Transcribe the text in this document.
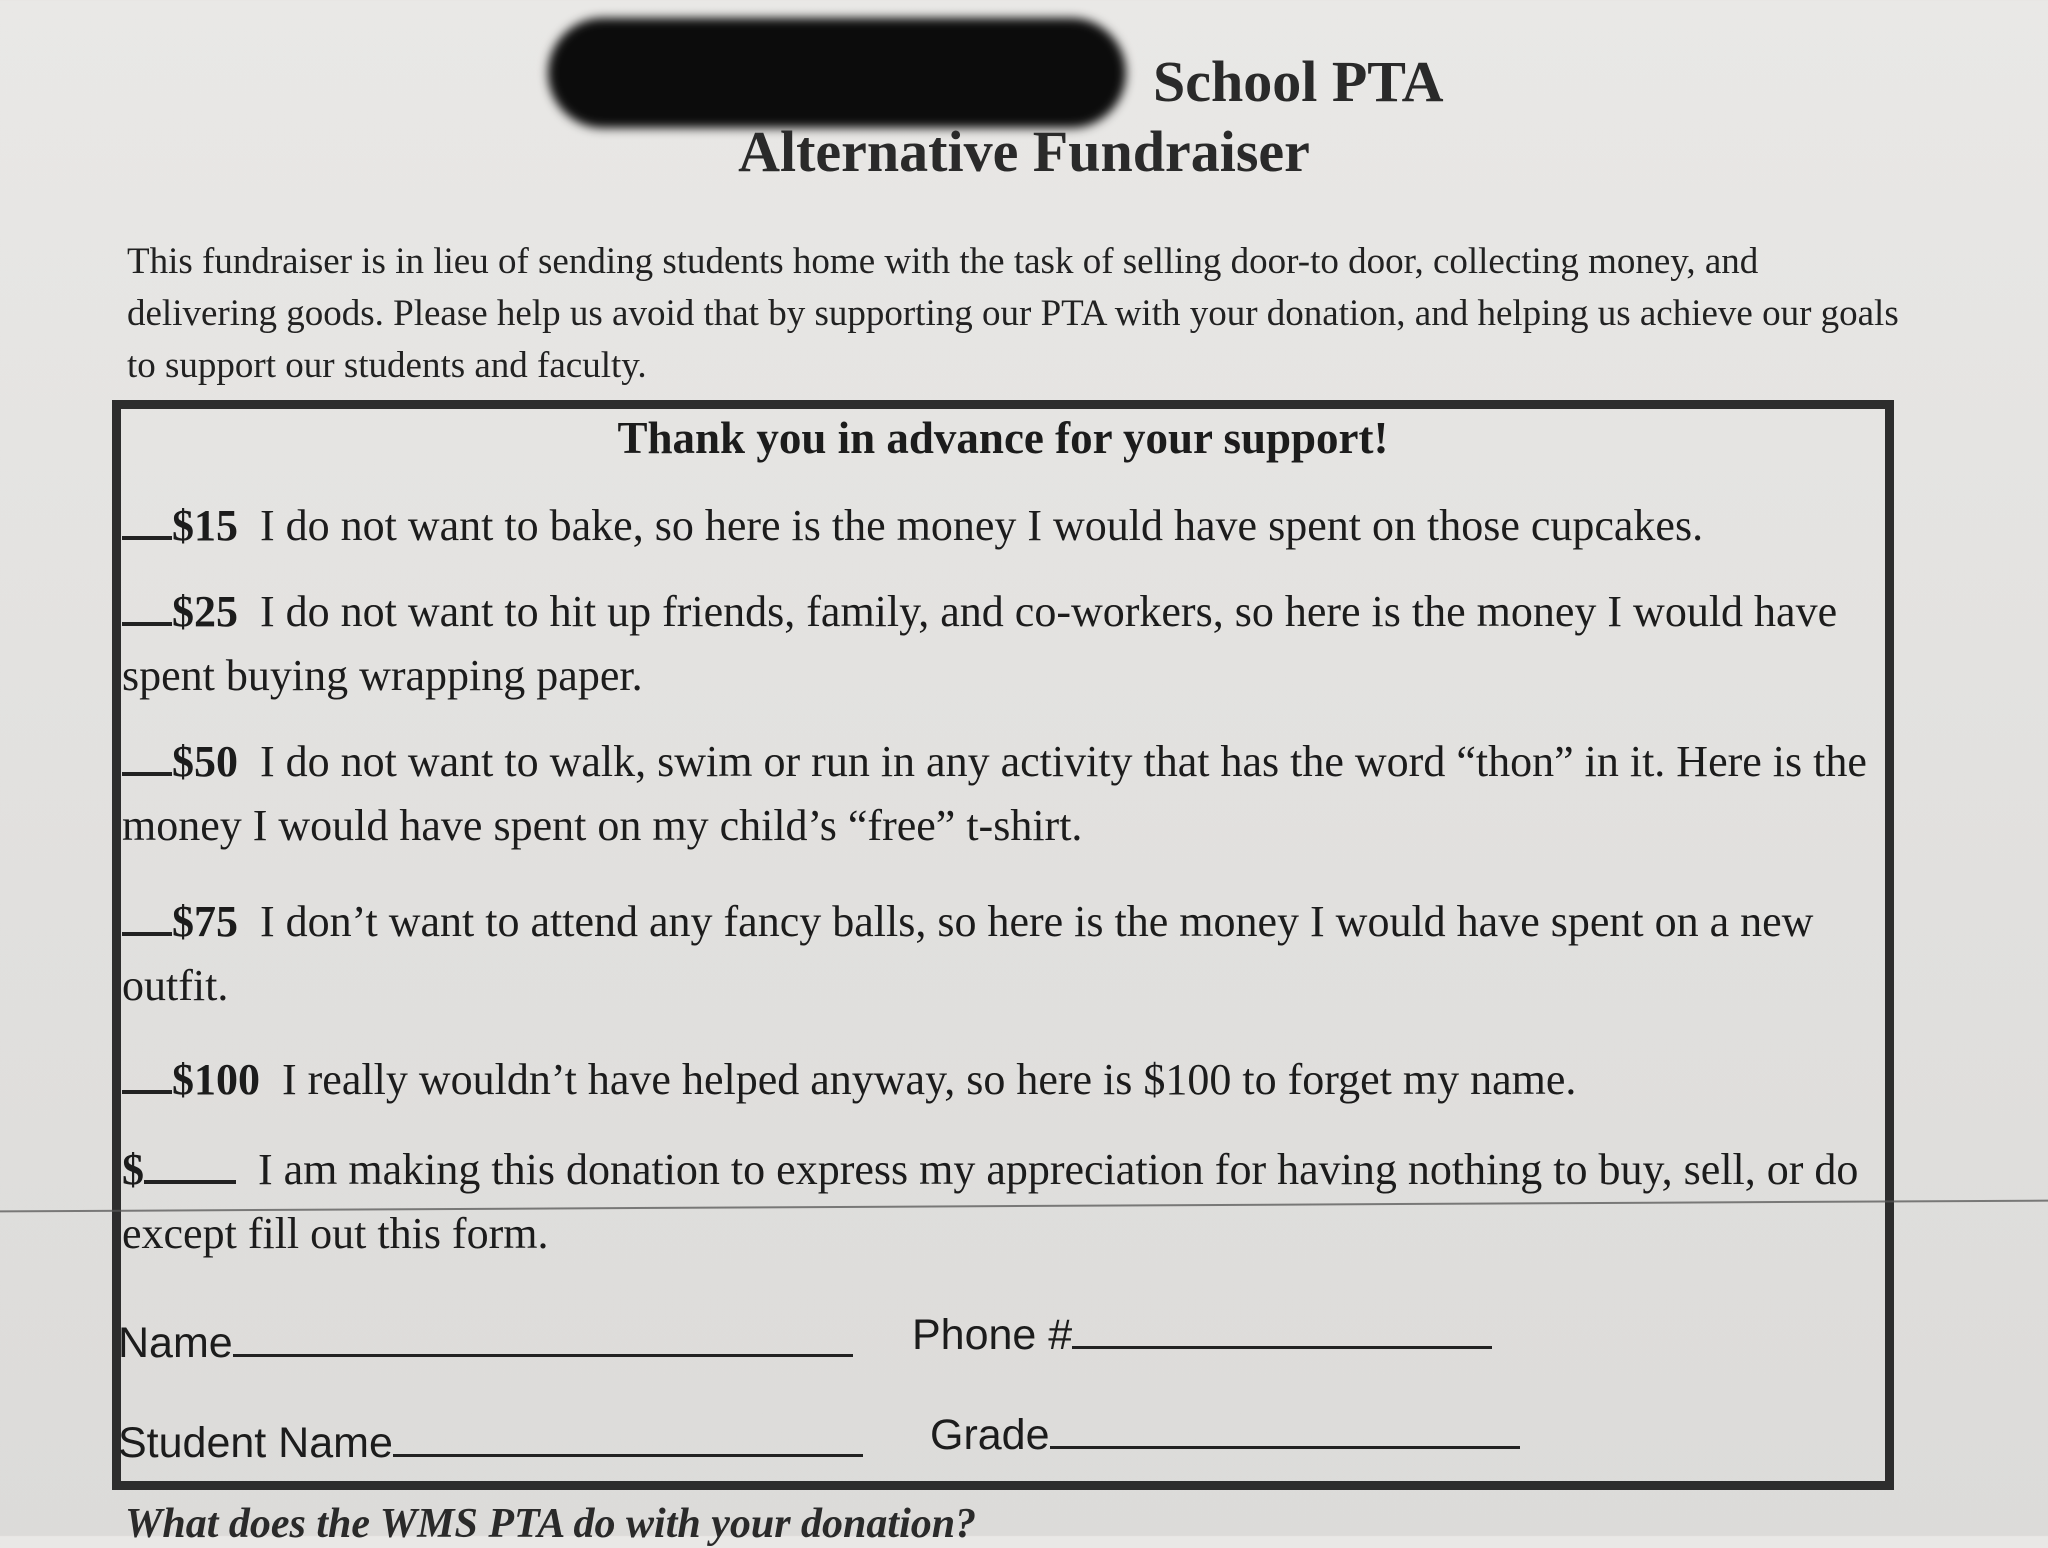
School PTA
Alternative Fundraiser
This fundraiser is in lieu of sending students home with the task of selling door-to door, collecting money, and delivering goods. Please help us avoid that by supporting our PTA with your donation, and helping us achieve our goals to support our students and faculty.
Thank you in advance for your support!
$15 I do not want to bake, so here is the money I would have spent on those cupcakes.
$25 I do not want to hit up friends, family, and co-workers, so here is the money I would have spent buying wrapping paper.
$50 I do not want to walk, swim or run in any activity that has the word “thon” in it. Here is the money I would have spent on my child’s “free” t-shirt.
$75 I don’t want to attend any fancy balls, so here is the money I would have spent on a new outfit.
$100 I really wouldn’t have helped anyway, so here is $100 to forget my name.
$	I am making this donation to express my appreciation for having nothing to buy, sell, or do except fill out this form.
Name	Phone #
Student Name	Grade
What does the WMS PTA do with your donation?
